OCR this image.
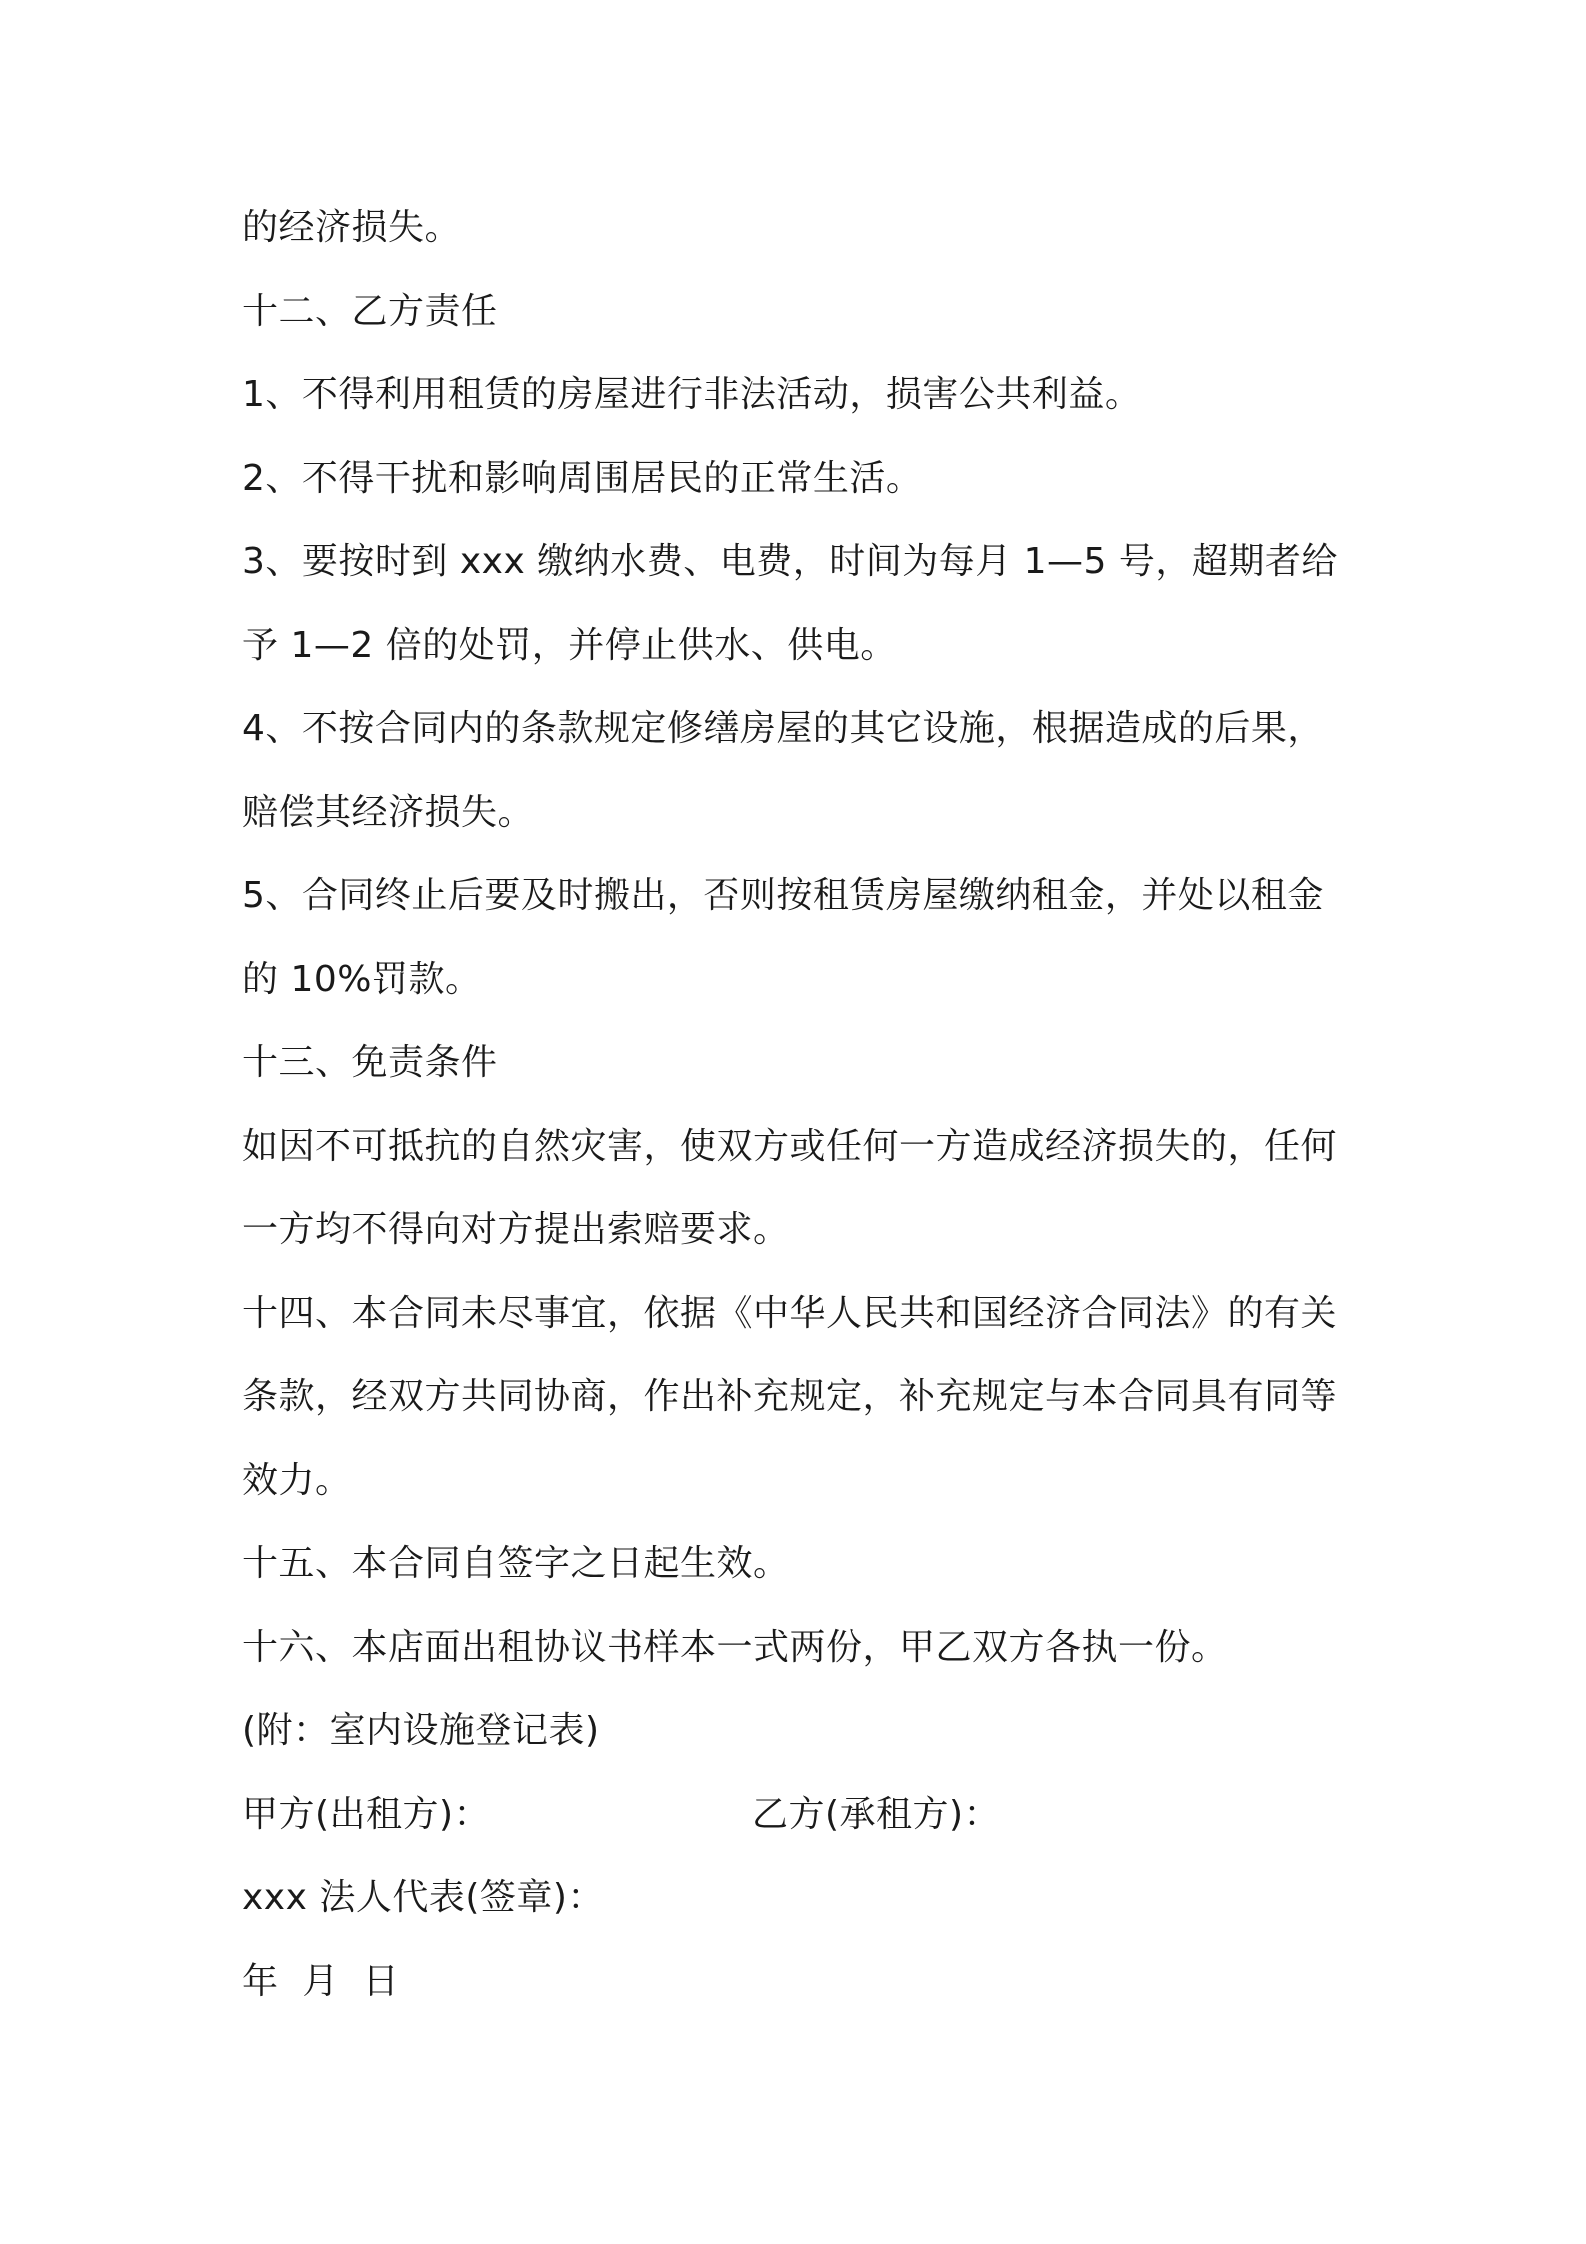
的经济损失。
十二、乙方责任
1、不得利用租赁的房屋进行非法活动，损害公共利益。
2、不得干扰和影响周围居民的正常生活。
3、要按时到 xxx 缴纳水费、电费，时间为每月 1—5 号，超期者给
予 1—2 倍的处罚，并停止供水、供电。
4、不按合同内的条款规定修缮房屋的其它设施，根据造成的后果，
赔偿其经济损失。
5、合同终止后要及时搬出，否则按租赁房屋缴纳租金，并处以租金
的 10%罚款。
十三、免责条件
如因不可抵抗的自然灾害，使双方或任何一方造成经济损失的，任何
一方均不得向对方提出索赔要求。
十四、本合同未尽事宜，依据《中华人民共和国经济合同法》的有关
条款，经双方共同协商，作出补充规定，补充规定与本合同具有同等
效力。
十五、本合同自签字之日起生效。
十六、本店面出租协议书样本一式两份，甲乙双方各执一份。
(附：室内设施登记表)
甲方(出租方)：	乙方(承租方)：
xxx 法人代表(签章)：
年  月  日
